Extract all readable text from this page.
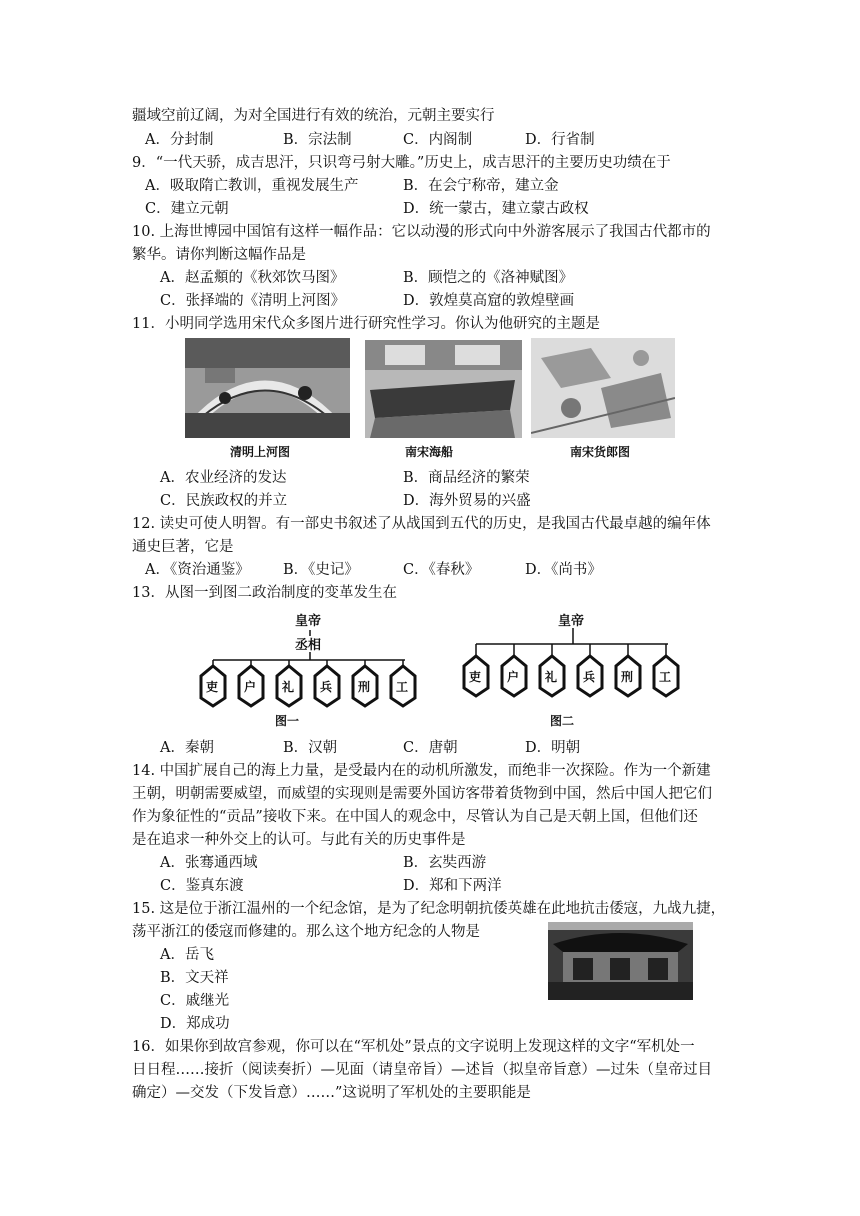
疆域空前辽阔，为对全国进行有效的统治，元朝主要实行
A．分封制	B．宗法制	C．内阁制	D．行省制
9．“一代天骄，成吉思汗，只识弯弓射大雕。”历史上，成吉思汗的主要历史功绩在于
A．吸取隋亡教训，重视发展生产	B．在会宁称帝，建立金
C．建立元朝	D．统一蒙古，建立蒙古政权
10. 上海世博园中国馆有这样一幅作品：它以动漫的形式向中外游客展示了我国古代都市的
繁华。请你判断这幅作品是
A．赵孟頫的《秋郊饮马图》	B．顾恺之的《洛神赋图》
C．张择端的《清明上河图》	D．敦煌莫高窟的敦煌壁画
11．小明同学选用宋代众多图片进行研究性学习。你认为他研究的主题是
清明上河图	南宋海船	南宋货郎图
A．农业经济的发达	B．商品经济的繁荣
C．民族政权的并立	D．海外贸易的兴盛
12. 读史可使人明智。有一部史书叙述了从战国到五代的历史，是我国古代最卓越的编年体
通史巨著，它是
A．《资治通鉴》 B．《史记》	C．《春秋》	D．《尚书》
13．从图一到图二政治制度的变革发生在
皇帝
丞相
吏 户 礼 兵 刑 工
图一
皇帝
吏 户 礼 兵 刑 工
图二
A．秦朝	B．汉朝	C．唐朝	D．明朝
14. 中国扩展自己的海上力量，是受最内在的动机所激发，而绝非一次探险。作为一个新建
王朝，明朝需要威望，而威望的实现则是需要外国访客带着货物到中国，然后中国人把它们
作为象征性的“贡品”接收下来。在中国人的观念中，尽管认为自己是天朝上国，但他们还
是在追求一种外交上的认可。与此有关的历史事件是
A．张骞通西域	B．玄奘西游
C．鉴真东渡	D．郑和下两洋
15. 这是位于浙江温州的一个纪念馆，是为了纪念明朝抗倭英雄在此地抗击倭寇，九战九捷，
荡平浙江的倭寇而修建的。那么这个地方纪念的人物是
A．岳飞
B．文天祥
C．戚继光
D．郑成功
16．如果你到故宫参观，你可以在“军机处”景点的文字说明上发现这样的文字“军机处一
日日程……接折（阅读奏折）—见面（请皇帝旨）—述旨（拟皇帝旨意）—过朱（皇帝过目
确定）—交发（下发旨意）……”这说明了军机处的主要职能是
